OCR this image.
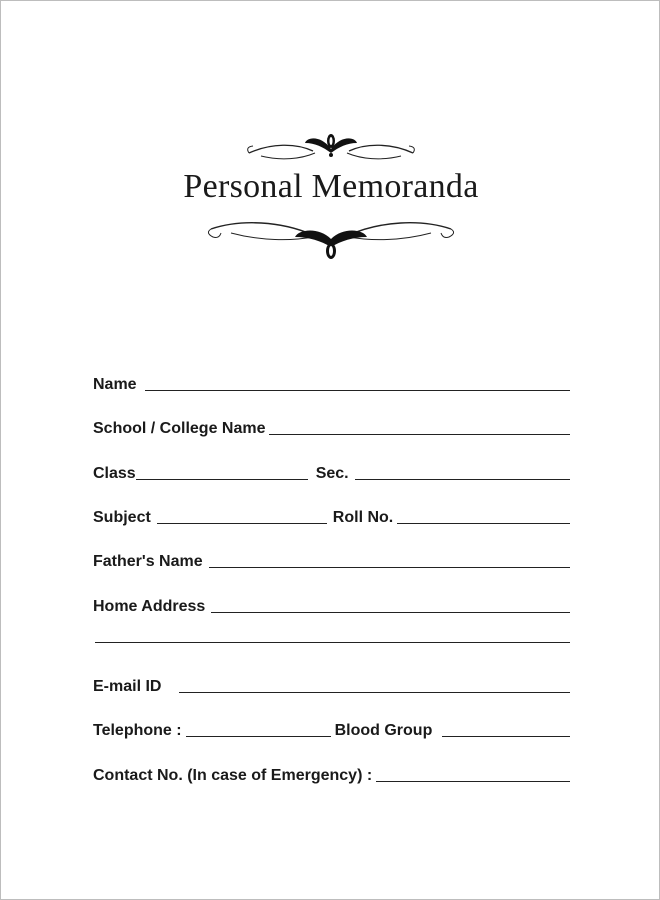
Personal Memoranda
Name
School / College Name
Class	Sec.
Subject	Roll No.
Father's Name
Home Address
E-mail ID
Telephone :	Blood Group
Contact No. (In case of Emergency) :
